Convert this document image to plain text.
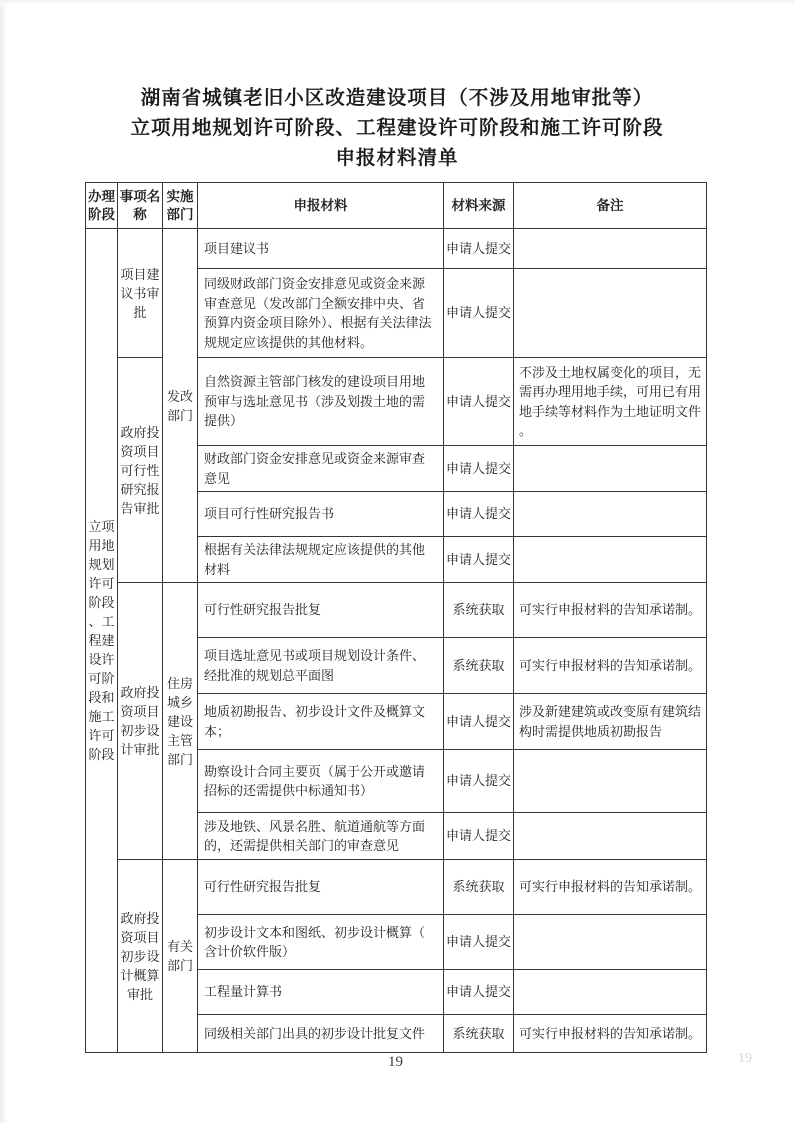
湖南省城镇老旧小区改造建设项目（不涉及用地审批等）
立项用地规划许可阶段、工程建设许可阶段和施工许可阶段
申报材料清单
办理阶段	事项名称	实施部门	申报材料	材料来源	备注
立项用地规划许可阶段、工程建设许可阶段和施工许可阶段	项目建议书审批	发改部门	项目建议书	申请人提交	
			同级财政部门资金安排意见或资金来源审查意见（发改部门全额安排中央、省预算内资金项目除外）、根据有关法律法规规定应该提供的其他材料。	申请人提交	
	政府投资项目可行性研究报告审批		自然资源主管部门核发的建设项目用地预审与选址意见书（涉及划拨土地的需提供）	申请人提交	不涉及土地权属变化的项目，无需再办理用地手续，可用已有用地手续等材料作为土地证明文件。
			财政部门资金安排意见或资金来源审查意见	申请人提交	
			项目可行性研究报告书	申请人提交	
			根据有关法律法规规定应该提供的其他材料	申请人提交	
	政府投资项目初步设计审批	住房城乡建设主管部门	可行性研究报告批复	系统获取	可实行申报材料的告知承诺制。
			项目选址意见书或项目规划设计条件、经批准的规划总平面图	系统获取	可实行申报材料的告知承诺制。
			地质初勘报告、初步设计文件及概算文本；	申请人提交	涉及新建建筑或改变原有建筑结构时需提供地质初勘报告
			勘察设计合同主要页（属于公开或邀请招标的还需提供中标通知书）	申请人提交	
			涉及地铁、风景名胜、航道通航等方面的，还需提供相关部门的审查意见	申请人提交	
	政府投资项目初步设计概算审批	有关部门	可行性研究报告批复	系统获取	可实行申报材料的告知承诺制。
			初步设计文本和图纸、初步设计概算（含计价软件版）	申请人提交	
			工程量计算书	申请人提交	
			同级相关部门出具的初步设计批复文件	系统获取	可实行申报材料的告知承诺制。
19	19
